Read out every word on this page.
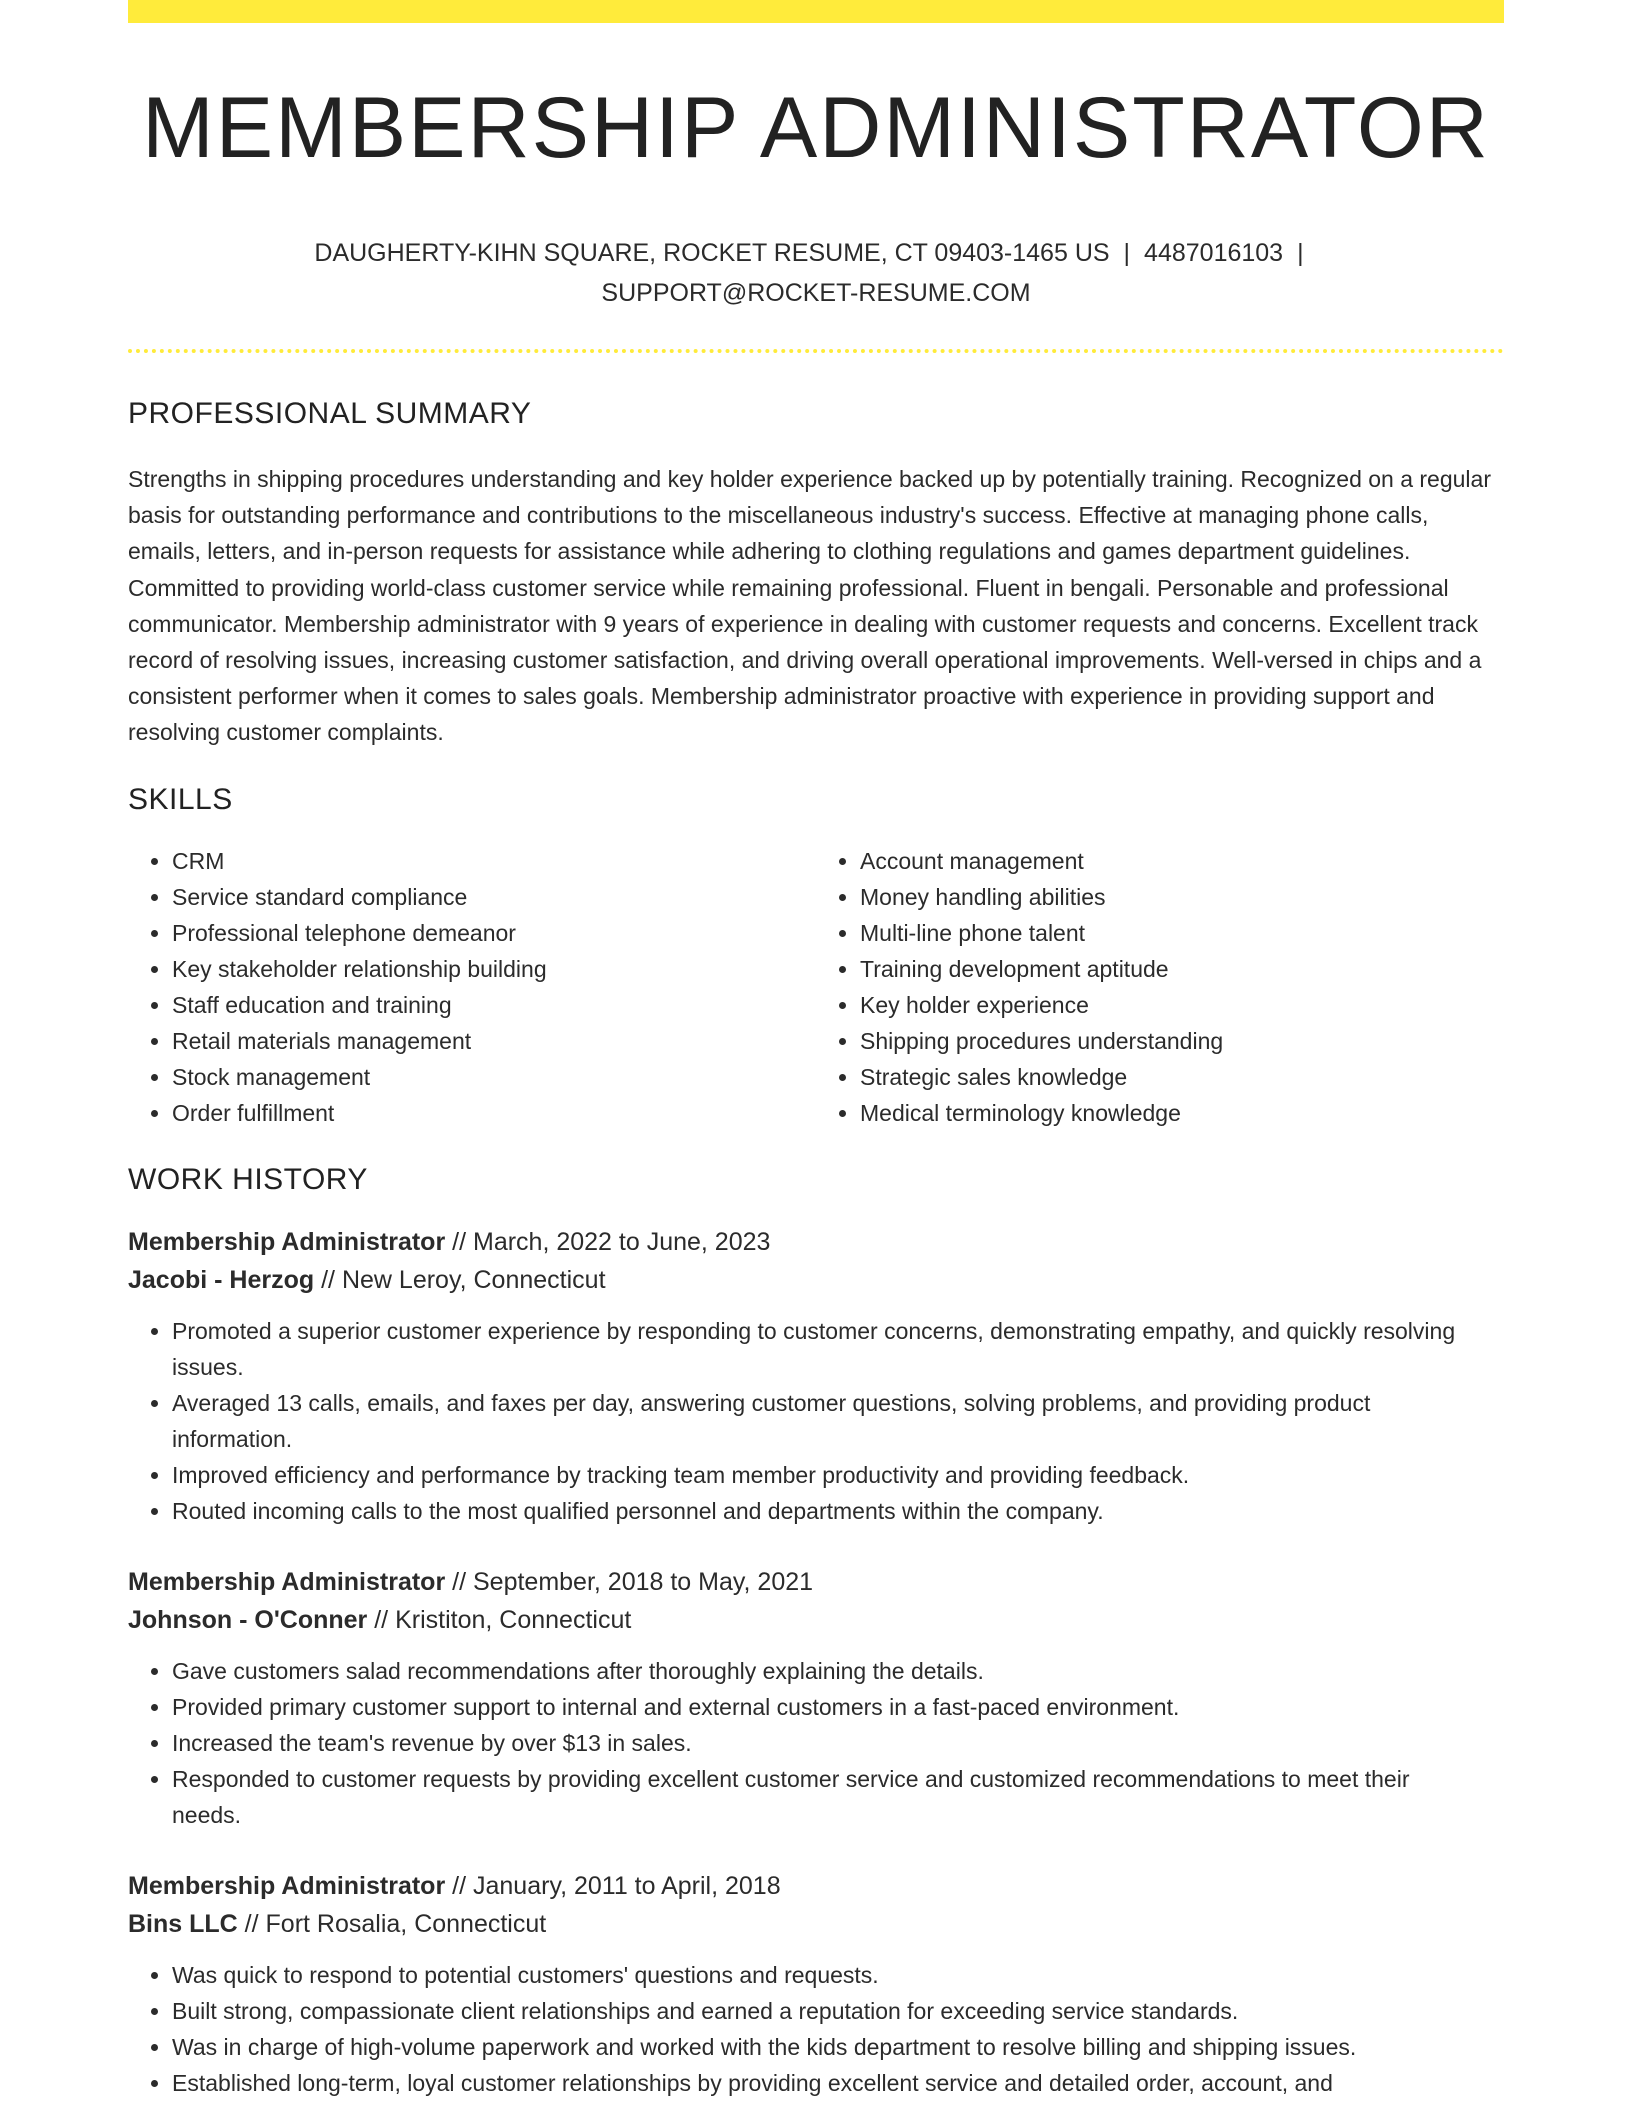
MEMBERSHIP ADMINISTRATOR
DAUGHERTY-KIHN SQUARE, ROCKET RESUME, CT 09403-1465 US | 4487016103 |
SUPPORT@ROCKET-RESUME.COM
PROFESSIONAL SUMMARY

Strengths in shipping procedures understanding and key holder experience backed up by potentially training. Recognized on a regular basis for outstanding performance and contributions to the miscellaneous industry's success. Effective at managing phone calls, emails, letters, and in-person requests for assistance while adhering to clothing regulations and games department guidelines. Committed to providing world-class customer service while remaining professional. Fluent in bengali. Personable and professional communicator. Membership administrator with 9 years of experience in dealing with customer requests and concerns. Excellent track record of resolving issues, increasing customer satisfaction, and driving overall operational improvements. Well-versed in chips and a consistent performer when it comes to sales goals. Membership administrator proactive with experience in providing support and resolving customer complaints.

SKILLS
• CRM
• Service standard compliance
• Professional telephone demeanor
• Key stakeholder relationship building
• Staff education and training
• Retail materials management
• Stock management
• Order fulfillment
• Account management
• Money handling abilities
• Multi-line phone talent
• Training development aptitude
• Key holder experience
• Shipping procedures understanding
• Strategic sales knowledge
• Medical terminology knowledge
WORK HISTORY
Membership Administrator // March, 2022 to June, 2023
Jacobi - Herzog // New Leroy, Connecticut
• Promoted a superior customer experience by responding to customer concerns, demonstrating empathy, and quickly resolving issues.
• Averaged 13 calls, emails, and faxes per day, answering customer questions, solving problems, and providing product information.
• Improved efficiency and performance by tracking team member productivity and providing feedback.
• Routed incoming calls to the most qualified personnel and departments within the company.
Membership Administrator // September, 2018 to May, 2021
Johnson - O'Conner // Kristiton, Connecticut
• Gave customers salad recommendations after thoroughly explaining the details.
• Provided primary customer support to internal and external customers in a fast-paced environment.
• Increased the team's revenue by over $13 in sales.
• Responded to customer requests by providing excellent customer service and customized recommendations to meet their needs.
Membership Administrator // January, 2011 to April, 2018
Bins LLC // Fort Rosalia, Connecticut
• Was quick to respond to potential customers' questions and requests.
• Built strong, compassionate client relationships and earned a reputation for exceeding service standards.
• Was in charge of high-volume paperwork and worked with the kids department to resolve billing and shipping issues.
• Established long-term, loyal customer relationships by providing excellent service and detailed order, account, and
